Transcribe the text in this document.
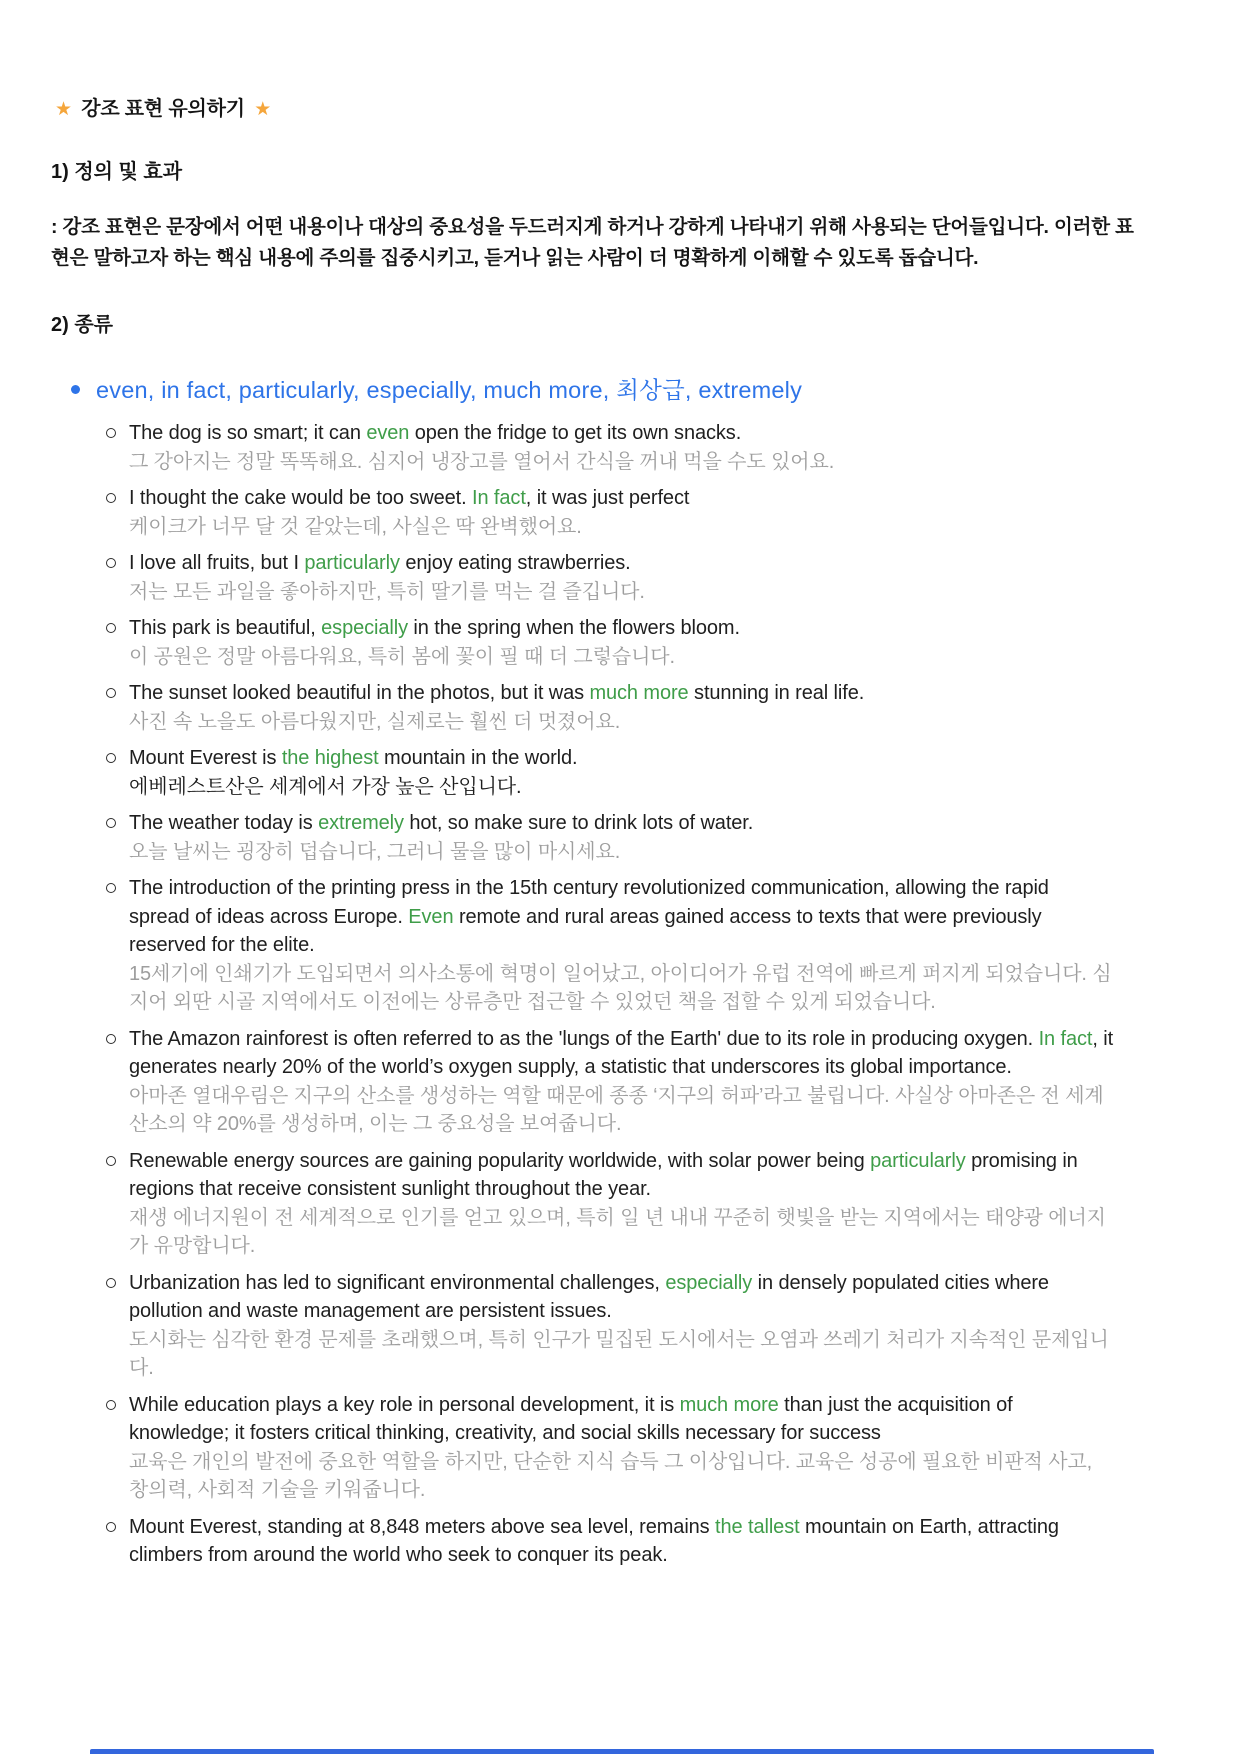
★ 강조 표현 유의하기 ★
1) 정의 및 효과

: 강조 표현은 문장에서 어떤 내용이나 대상의 중요성을 두드러지게 하거나 강하게 나타내기 위해 사용되는 단어들입니다. 이러한 표현은 말하고자 하는 핵심 내용에 주의를 집중시키고, 듣거나 읽는 사람이 더 명확하게 이해할 수 있도록 돕습니다.

2) 종류
even, in fact, particularly, especially, much more, 최상급, extremely
The dog is so smart; it can even open the fridge to get its own snacks.
그 강아지는 정말 똑똑해요. 심지어 냉장고를 열어서 간식을 꺼내 먹을 수도 있어요.
I thought the cake would be too sweet. In fact, it was just perfect
케이크가 너무 달 것 같았는데, 사실은 딱 완벽했어요.
I love all fruits, but I particularly enjoy eating strawberries.
저는 모든 과일을 좋아하지만, 특히 딸기를 먹는 걸 즐깁니다.
This park is beautiful, especially in the spring when the flowers bloom.
이 공원은 정말 아름다워요, 특히 봄에 꽃이 필 때 더 그렇습니다.
The sunset looked beautiful in the photos, but it was much more stunning in real life.
사진 속 노을도 아름다웠지만, 실제로는 훨씬 더 멋졌어요.
Mount Everest is the highest mountain in the world.
에베레스트산은 세계에서 가장 높은 산입니다.
The weather today is extremely hot, so make sure to drink lots of water.
오늘 날씨는 굉장히 덥습니다, 그러니 물을 많이 마시세요.
The introduction of the printing press in the 15th century revolutionized communication, allowing the rapid spread of ideas across Europe. Even remote and rural areas gained access to texts that were previously reserved for the elite.
15세기에 인쇄기가 도입되면서 의사소통에 혁명이 일어났고, 아이디어가 유럽 전역에 빠르게 퍼지게 되었습니다. 심지어 외딴 시골 지역에서도 이전에는 상류층만 접근할 수 있었던 책을 접할 수 있게 되었습니다.
The Amazon rainforest is often referred to as the 'lungs of the Earth' due to its role in producing oxygen. In fact, it generates nearly 20% of the world’s oxygen supply, a statistic that underscores its global importance.
아마존 열대우림은 지구의 산소를 생성하는 역할 때문에 종종 ‘지구의 허파’라고 불립니다. 사실상 아마존은 전 세계 산소의 약 20%를 생성하며, 이는 그 중요성을 보여줍니다.
Renewable energy sources are gaining popularity worldwide, with solar power being particularly promising in regions that receive consistent sunlight throughout the year.
재생 에너지원이 전 세계적으로 인기를 얻고 있으며, 특히 일 년 내내 꾸준히 햇빛을 받는 지역에서는 태양광 에너지가 유망합니다.
Urbanization has led to significant environmental challenges, especially in densely populated cities where pollution and waste management are persistent issues.
도시화는 심각한 환경 문제를 초래했으며, 특히 인구가 밀집된 도시에서는 오염과 쓰레기 처리가 지속적인 문제입니다.
While education plays a key role in personal development, it is much more than just the acquisition of knowledge; it fosters critical thinking, creativity, and social skills necessary for success
교육은 개인의 발전에 중요한 역할을 하지만, 단순한 지식 습득 그 이상입니다. 교육은 성공에 필요한 비판적 사고, 창의력, 사회적 기술을 키워줍니다.
Mount Everest, standing at 8,848 meters above sea level, remains the tallest mountain on Earth, attracting climbers from around the world who seek to conquer its peak.
